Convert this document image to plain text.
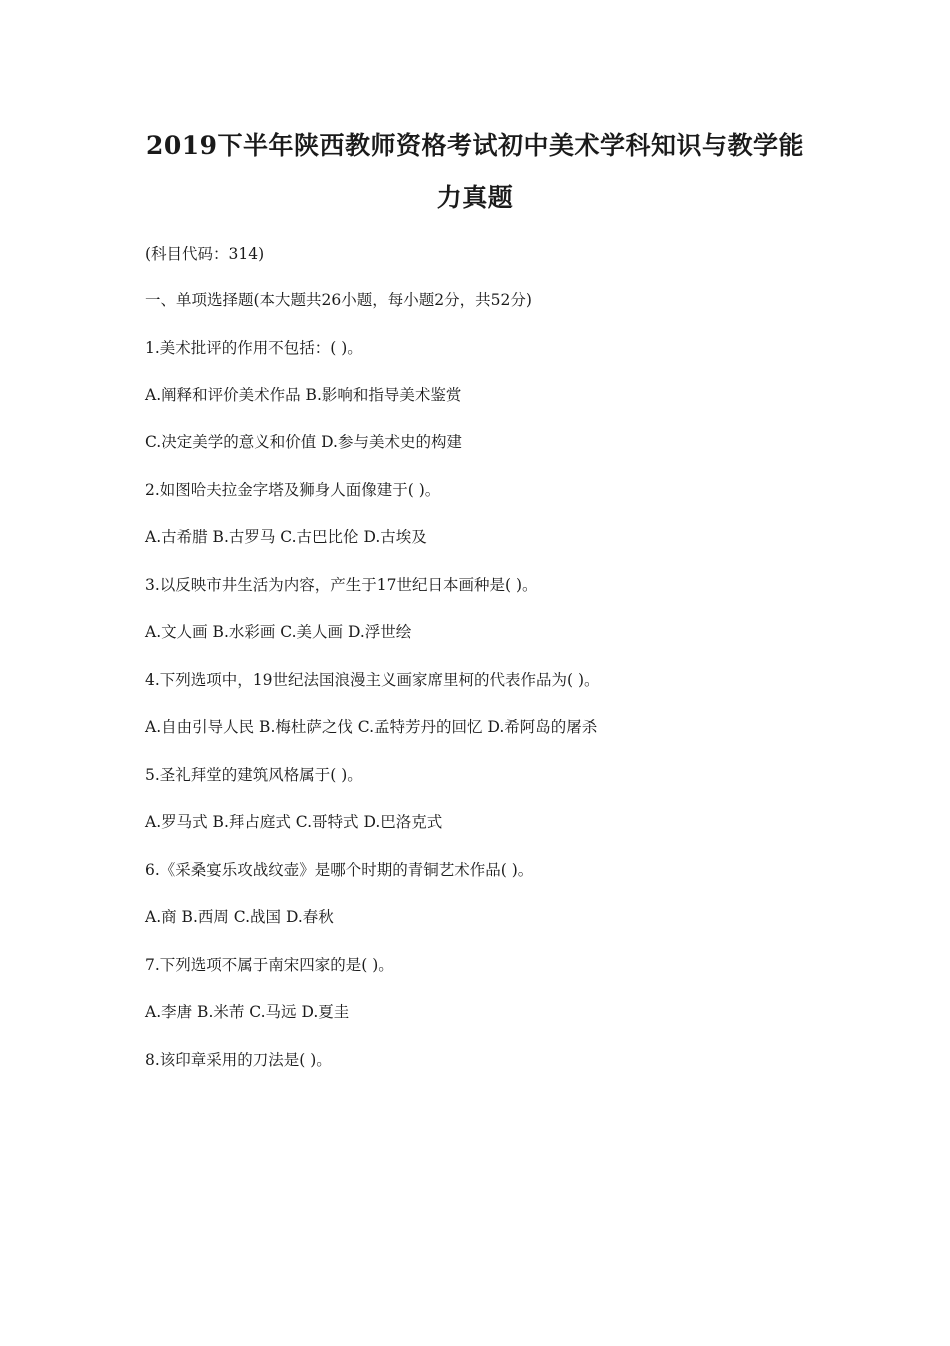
2019下半年陕西教师资格考试初中美术学科知识与教学能
力真题
(科目代码：314)
一、单项选择题(本大题共26小题，每小题2分，共52分)
1.美术批评的作用不包括：( )。
A.阐释和评价美术作品 B.影响和指导美术鉴赏
C.决定美学的意义和价值 D.参与美术史的构建
2.如图哈夫拉金字塔及狮身人面像建于( )。
A.古希腊 B.古罗马 C.古巴比伦 D.古埃及
3.以反映市井生活为内容，产生于17世纪日本画种是( )。
A.文人画 B.水彩画 C.美人画 D.浮世绘
4.下列选项中，19世纪法国浪漫主义画家席里柯的代表作品为( )。
A.自由引导人民 B.梅杜萨之伐 C.孟特芳丹的回忆 D.希阿岛的屠杀
5.圣礼拜堂的建筑风格属于( )。
A.罗马式 B.拜占庭式 C.哥特式 D.巴洛克式
6.《采桑宴乐攻战纹壶》是哪个时期的青铜艺术作品( )。
A.商 B.西周 C.战国 D.春秋
7.下列选项不属于南宋四家的是( )。
A.李唐 B.米芾 C.马远 D.夏圭
8.该印章采用的刀法是( )。
